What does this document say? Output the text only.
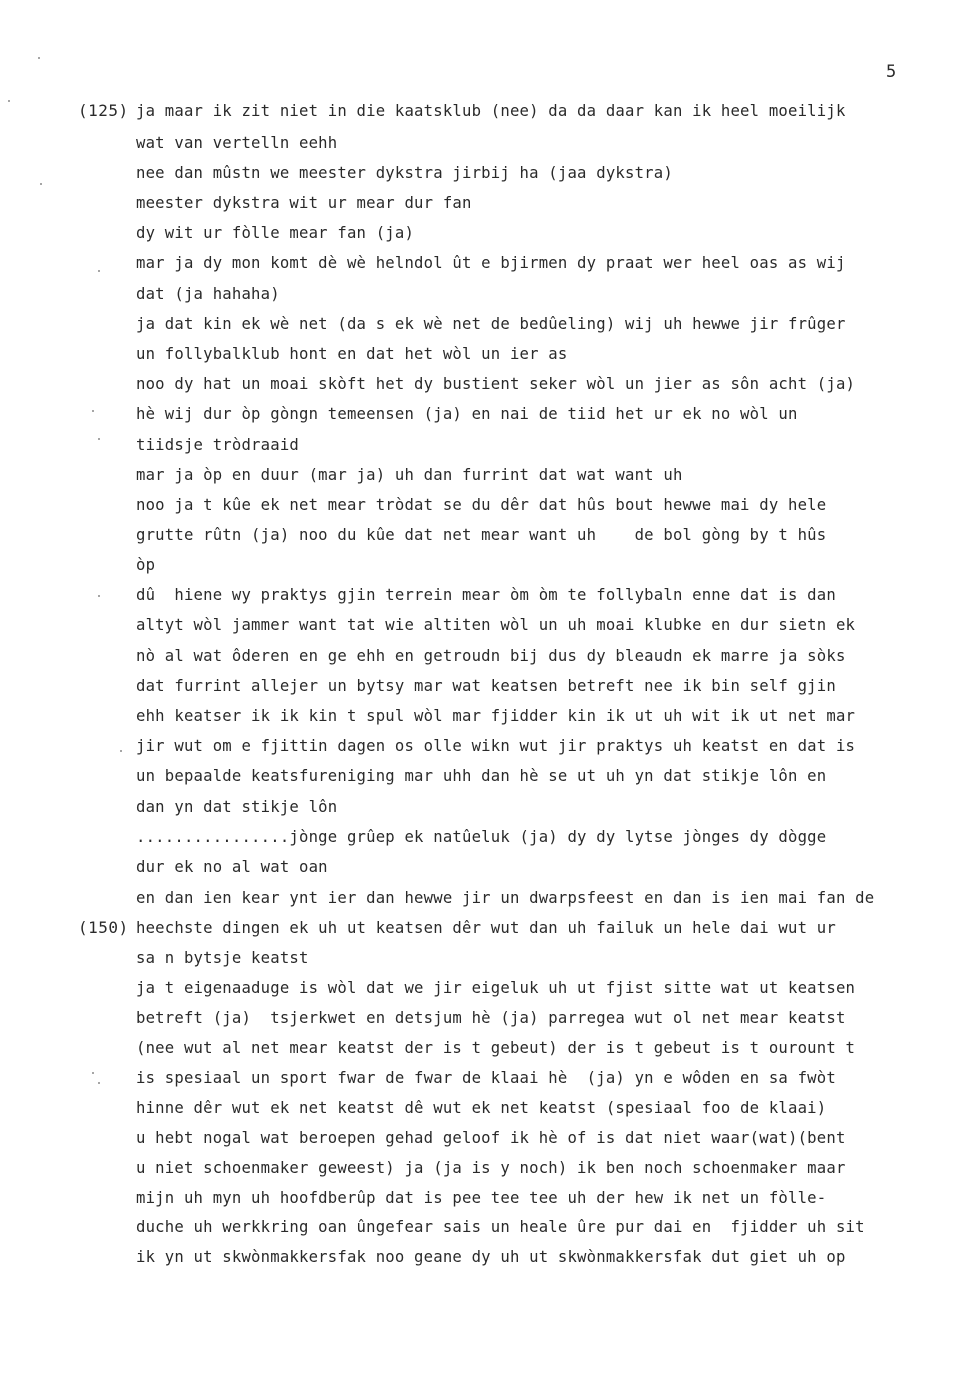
5
(125)
(150)
ja maar ik zit niet in die kaatsklub (nee) da da daar kan ik heel moeilijk
wat van vertelln eehh
nee dan mûstn we meester dykstra jirbij ha (jaa dykstra)
meester dykstra wit ur mear dur fan
dy wit ur fòlle mear fan (ja)
mar ja dy mon komt dè wè helndol ût e bjirmen dy praat wer heel oas as wij
dat (ja hahaha)
ja dat kin ek wè net (da s ek wè net de bedûeling) wij uh hewwe jir frûger
un follybalklub hont en dat het wòl un ier as
noo dy hat un moai skòft het dy bustient seker wòl un jier as sôn acht (ja)
hè wij dur òp gòngn temeensen (ja) en nai de tiid het ur ek no wòl un
tiidsje tròdraaid
mar ja òp en duur (mar ja) uh dan furrint dat wat want uh
noo ja t kûe ek net mear tròdat se du dêr dat hûs bout hewwe mai dy hele
grutte rûtn (ja) noo du kûe dat net mear want uh    de bol gòng by t hûs
òp
dû  hiene wy praktys gjin terrein mear òm òm te follybaln enne dat is dan
altyt wòl jammer want tat wie altiten wòl un uh moai klubke en dur sietn ek
nò al wat ôderen en ge ehh en getroudn bij dus dy bleaudn ek marre ja sòks
dat furrint allejer un bytsy mar wat keatsen betreft nee ik bin self gjin
ehh keatser ik ik kin t spul wòl mar fjidder kin ik ut uh wit ik ut net mar
jir wut om e fjittin dagen os olle wikn wut jir praktys uh keatst en dat is
un bepaalde keatsfureniging mar uhh dan hè se ut uh yn dat stikje lôn en
dan yn dat stikje lôn
................jònge grûep ek natûeluk (ja) dy dy lytse jònges dy dògge
dur ek no al wat oan
en dan ien kear ynt ier dan hewwe jir un dwarpsfeest en dan is ien mai fan de
heechste dingen ek uh ut keatsen dêr wut dan uh failuk un hele dai wut ur
sa n bytsje keatst
ja t eigenaaduge is wòl dat we jir eigeluk uh ut fjist sitte wat ut keatsen
betreft (ja)  tsjerkwet en detsjum hè (ja) parregea wut ol net mear keatst
(nee wut al net mear keatst der is t gebeut) der is t gebeut is t ourount t
is spesiaal un sport fwar de fwar de klaai hè  (ja) yn e wôden en sa fwòt
hinne dêr wut ek net keatst dê wut ek net keatst (spesiaal foo de klaai)
u hebt nogal wat beroepen gehad geloof ik hè of is dat niet waar(wat)(bent
u niet schoenmaker geweest) ja (ja is y noch) ik ben noch schoenmaker maar
mijn uh myn uh hoofdberûp dat is pee tee tee uh der hew ik net un fòlle-
duche uh werkkring oan ûngefear sais un heale ûre pur dai en  fjidder uh sit
ik yn ut skwònmakkersfak noo geane dy uh ut skwònmakkersfak dut giet uh op
